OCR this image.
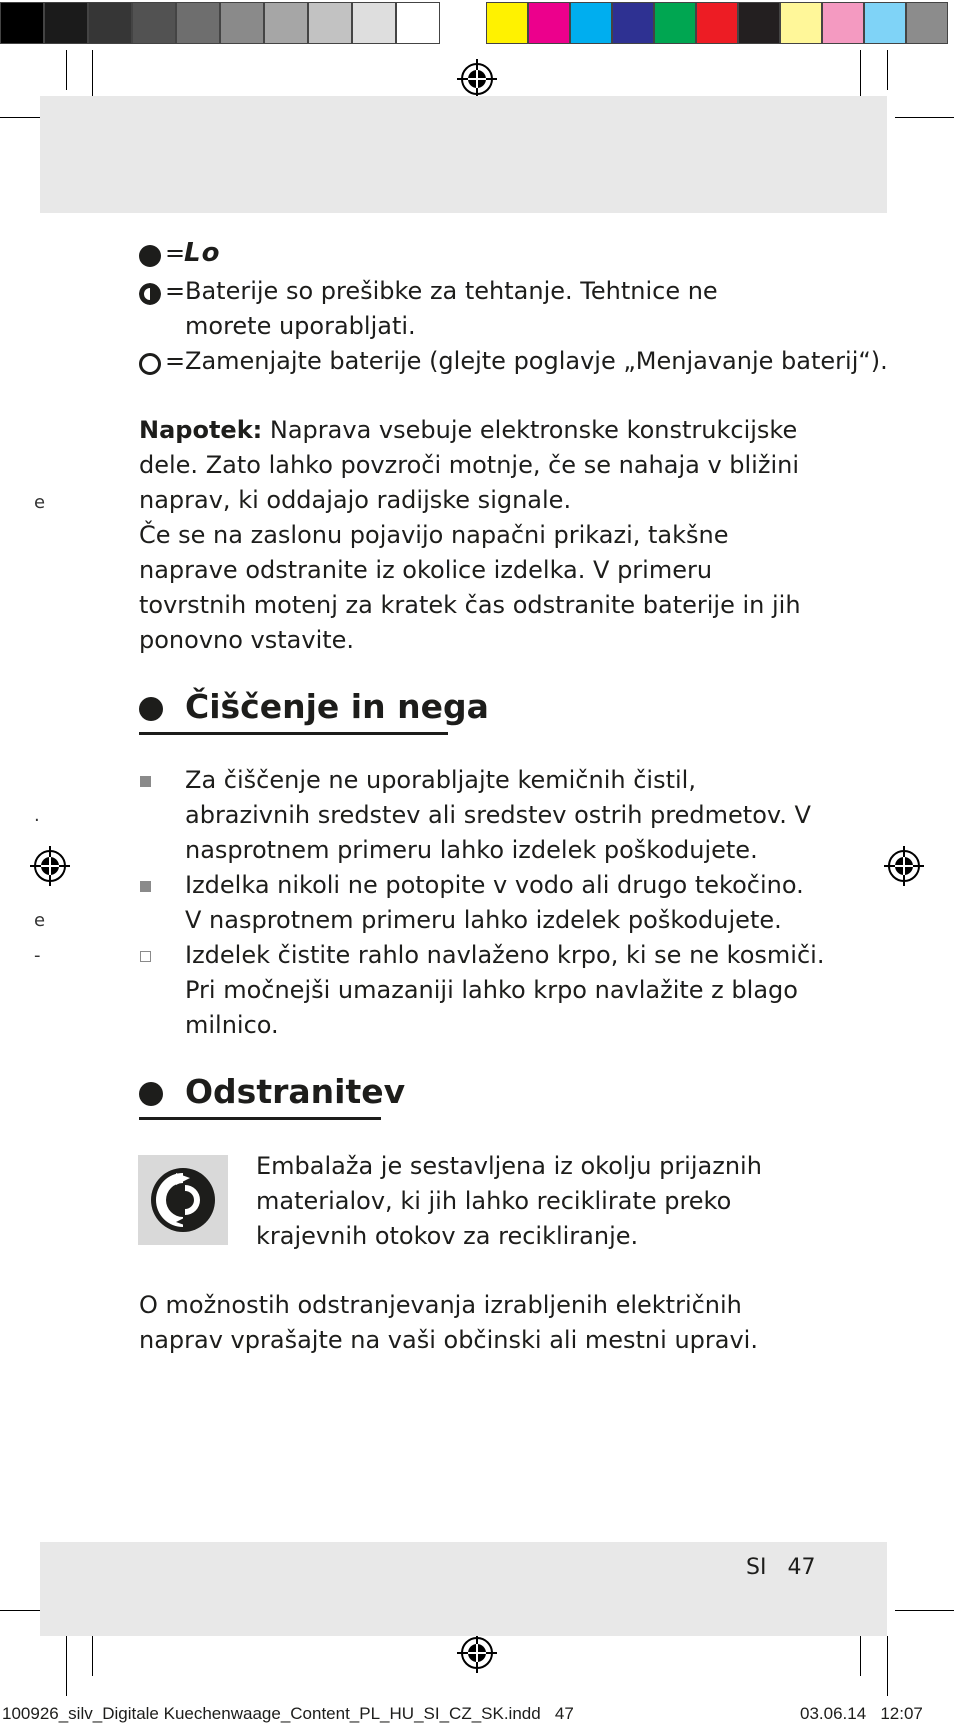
e
.
e
-
=
Lo
= Baterije so prešibke za tehtanje. Tehtnice ne morete uporabljati.
= Zamenjajte baterije (glejte poglavje „Menjavanje baterij“).
Napotek: Naprava vsebuje elektronske konstrukcijske dele. Zato lahko povzroči motnje, če se nahaja v bližini naprav, ki oddajajo radijske signale.
Če se na zaslonu pojavijo napačni prikazi, takšne naprave odstranite iz okolice izdelka. V primeru tovrstnih motenj za kratek čas odstranite baterije in jih ponovno vstavite.
Čiščenje in nega
Za čiščenje ne uporabljajte kemičnih čistil, abrazivnih sredstev ali sredstev ostrih predmetov. V nasprotnem primeru lahko izdelek poškodujete.
Izdelka nikoli ne potopite v vodo ali drugo tekočino. V nasprotnem primeru lahko izdelek poškodujete.
Izdelek čistite rahlo navlaženo krpo, ki se ne kosmiči. Pri močnejši umazaniji lahko krpo navlažite z blago milnico.
Odstranitev
Embalaža je sestavljena iz okolju prijaznih materialov, ki jih lahko reciklirate preko krajevnih otokov za recikliranje.
O možnostih odstranjevanja izrabljenih električnih naprav vprašajte na vaši občinski ali mestni upravi.
SI 47
100926_silv_Digitale Kuechenwaage_Content_PL_HU_SI_CZ_SK.indd   47	03.06.14   12:07
